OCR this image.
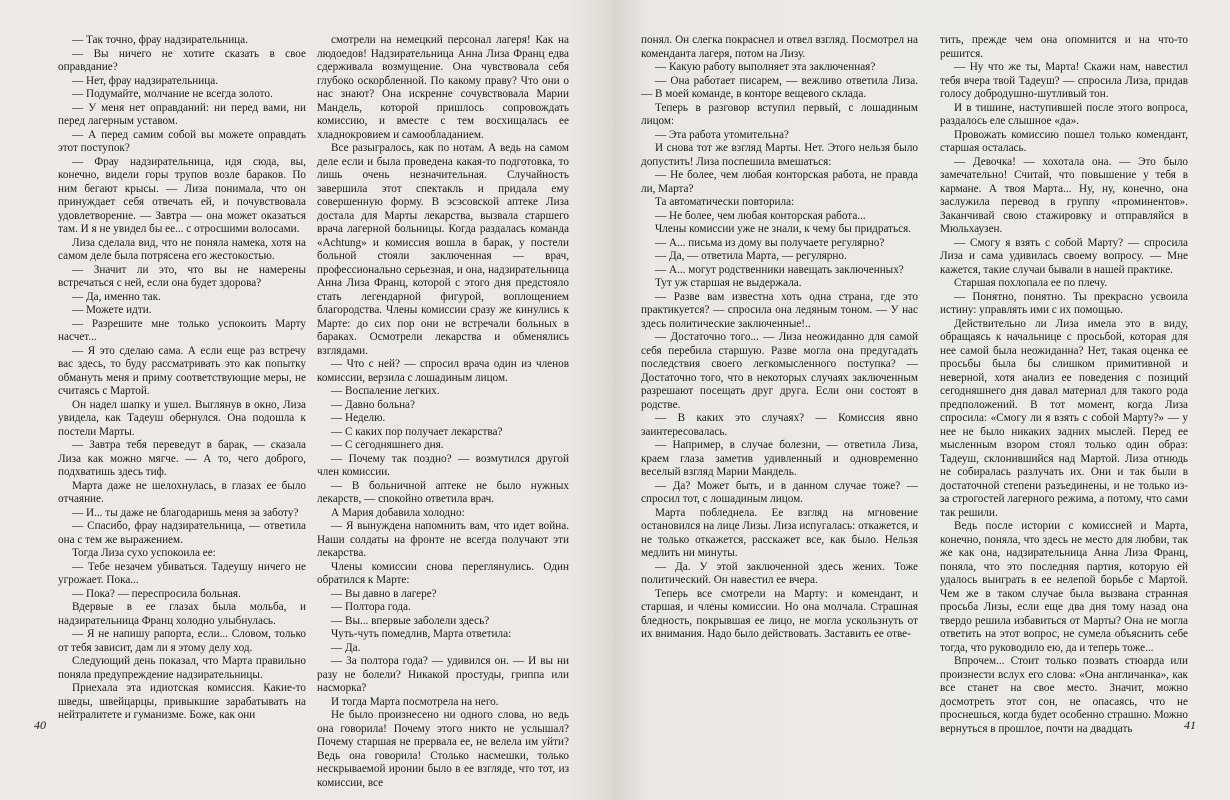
— Так точно, фрау надзирательница.

— Вы ничего не хотите сказать в свое оправдание?

— Нет, фрау надзирательница.

— Подумайте, молчание не всегда золото.

— У меня нет оправданий: ни перед вами, ни перед лагерным уставом.

— А перед самим собой вы можете оправдать этот поступок?

— Фрау надзирательница, идя сюда, вы, конечно, видели горы трупов возле бараков. По ним бегают крысы. — Лиза понимала, что он принуждает себя отвечать ей, и почувствовала удовлетворение. — Завтра — она может оказаться там. И я не увидел бы ее... с отросшими волосами.

Лиза сделала вид, что не поняла намека, хотя на самом деле была потрясена его жестокостью.

— Значит ли это, что вы не намерены встречаться с ней, если она будет здорова?

— Да, именно так.

— Можете идти.

— Разрешите мне только успокоить Марту насчет...

— Я это сделаю сама. А если еще раз встречу вас здесь, то буду рассматривать это как попытку обмануть меня и приму соответствующие меры, не считаясь с Мартой.

Он надел шапку и ушел. Выглянув в окно, Лиза увидела, как Тадеуш обернулся. Она подошла к постели Марты.

— Завтра тебя переведут в барак, — сказала Лиза как можно мягче. — А то, чего доброго, подхватишь здесь тиф.

Марта даже не шелохнулась, в глазах ее было отчаяние.

— И... ты даже не благодаришь меня за заботу?

— Спасибо, фрау надзирательница, — ответила она с тем же выражением.

Тогда Лиза сухо успокоила ее:

— Тебе незачем убиваться. Тадеушу ничего не угрожает. Пока...

— Пока? — переспросила больная.

Вдервые в ее глазах была мольба, и надзирательница Франц холодно улыбнулась.

— Я не напишу рапорта, если... Словом, только от тебя зависит, дам ли я этому делу ход.

Следующий день показал, что Марта правильно поняла предупреждение надзирательницы.

Приехала эта идиотская комиссия. Какие-то шведы, швейцарцы, привыкшие зарабатывать на нейтралитете и гуманизме. Боже, как они

смотрели на немецкий персонал лагеря! Как на людоедов! Надзирательница Анна Лиза Франц едва сдерживала возмущение. Она чувствовала себя глубоко оскорбленной. По какому праву? Что они о нас знают? Она искренне сочувствовала Марии Мандель, которой пришлось сопровождать комиссию, и вместе с тем восхищалась ее хладнокровием и самообладанием.

Все разыгралось, как по нотам. А ведь на самом деле если и была проведена какая-то подготовка, то лишь очень незначительная. Случайность завершила этот спектакль и придала ему совершенную форму. В эсэсовской аптеке Лиза достала для Марты лекарства, вызвала старшего врача лагерной больницы. Когда раздалась команда «Achtung» и комиссия вошла в барак, у постели больной стояли заключенная — врач, профессионально серьезная, и она, надзирательница Анна Лиза Франц, которой с этого дня предстояло стать легендарной фигурой, воплощением благородства. Члены комиссии сразу же кинулись к Марте: до сих пор они не встречали больных в бараках. Осмотрели лекарства и обменялись взглядами.

— Что с ней? — спросил врача один из членов комиссии, верзила с лошадиным лицом.

— Воспаление легких.

— Давно больна?

— Неделю.

— С каких пор получает лекарства?

— С сегодняшнего дня.

— Почему так поздно? — возмутился другой член комиссии.

— В больничной аптеке не было нужных лекарств, — спокойно ответила врач.

А Мария добавила холодно:

— Я вынуждена напомнить вам, что идет война. Наши солдаты на фронте не всегда получают эти лекарства.

Члены комиссии снова переглянулись. Один обратился к Марте:

— Вы давно в лагере?

— Полтора года.

— Вы... впервые заболели здесь?

Чуть-чуть помедлив, Марта ответила:

— Да.

— За полтора года? — удивился он. — И вы ни разу не болели? Никакой простуды, гриппа или насморка?

И тогда Марта посмотрела на него.

Не было произнесено ни одного слова, но ведь она говорила! Почему этого никто не услышал? Почему старшая не прервала ее, не велела им уйти? Ведь она говорила! Столько насмешки, только нескрываемой иронии было в ее взгляде, что тот, из комиссии, все

40

понял. Он слегка покраснел и отвел взгляд. Посмотрел на коменданта лагеря, потом на Лизу.

— Какую работу выполняет эта заключенная?

— Она работает писарем, — вежливо ответила Лиза. — В моей команде, в конторе вещевого склада.

Теперь в разговор вступил первый, с лошадиным лицом:

— Эта работа утомительна?

И снова тот же взгляд Марты. Нет. Этого нельзя было допустить! Лиза поспешила вмешаться:

— Не более, чем любая конторская работа, не правда ли, Марта?

Та автоматически повторила:

— Не более, чем любая конторская работа...

Члены комиссии уже не знали, к чему бы придраться.

— А... письма из дому вы получаете регулярно?

— Да, — ответила Марта, — регулярно.

— А... могут родственники навещать заключенных?

Тут уж старшая не выдержала.

— Разве вам известна хоть одна страна, где это практикуется? — спросила она ледяным тоном. — У нас здесь политические заключенные!..

— Достаточно того... — Лиза неожиданно для самой себя перебила старшую. Разве могла она предугадать последствия своего легкомысленного поступка? — Достаточно того, что в некоторых случаях заключенным разрешают посещать друг друга. Если они состоят в родстве.

— В каких это случаях? — Комиссия явно заинтересовалась.

— Например, в случае болезни, — ответила Лиза, краем глаза заметив удивленный и одновременно веселый взгляд Марии Мандель.

— Да? Может быть, и в данном случае тоже? — спросил тот, с лошадиным лицом.

Марта побледнела. Ее взгляд на мгновение остановился на лице Лизы. Лиза испугалась: откажется, и не только откажется, расскажет все, как было. Нельзя медлить ни минуты.

— Да. У этой заключенной здесь жених. Тоже политический. Он навестил ее вчера.

Теперь все смотрели на Марту: и комендант, и старшая, и члены комиссии. Но она молчала. Страшная бледность, покрывшая ее лицо, не могла ускользнуть от их внимания. Надо было действовать. Заставить ее отве-

тить, прежде чем она опомнится и на что-то решится.

— Ну что же ты, Марта! Скажи нам, навестил тебя вчера твой Тадеуш? — спросила Лиза, придав голосу добродушно-шутливый тон.

И в тишине, наступившей после этого вопроса, раздалось еле слышное «да».

Провожать комиссию пошел только комендант, старшая осталась.

— Девочка! — хохотала она. — Это было замечательно! Считай, что повышение у тебя в кармане. А твоя Марта... Ну, ну, конечно, она заслужила перевод в группу «проминентов». Заканчивай свою стажировку и отправляйся в Мюльхаузен.

— Смогу я взять с собой Марту? — спросила Лиза и сама удивилась своему вопросу. — Мне кажется, такие случаи бывали в нашей практике.

Старшая похлопала ее по плечу.

— Понятно, понятно. Ты прекрасно усвоила истину: управлять ими с их помощью.

Действительно ли Лиза имела это в виду, обращаясь к начальнице с просьбой, которая для нее самой была неожиданна? Нет, такая оценка ее просьбы была бы слишком примитивной и неверной, хотя анализ ее поведения с позиций сегодняшнего дня давал материал для такого рода предположений. В тот момент, когда Лиза спросила: «Смогу ли я взять с собой Марту?» — у нее не было никаких задних мыслей. Перед ее мысленным взором стоял только один образ: Тадеуш, склонившийся над Мартой. Лиза отнюдь не собиралась разлучать их. Они и так были в достаточной степени разъединены, и не только из-за строгостей лагерного режима, а потому, что сами так решили.

Ведь после истории с комиссией и Марта, конечно, поняла, что здесь не место для любви, так же как она, надзирательница Анна Лиза Франц, поняла, что это последняя партия, которую ей удалось выиграть в ее нелепой борьбе с Мартой. Чем же в таком случае была вызвана странная просьба Лизы, если еще два дня тому назад она твердо решила избавиться от Марты? Она не могла ответить на этот вопрос, не сумела объяснить себе тогда, что руководило ею, да и теперь тоже...

Впрочем... Стоит только позвать стюарда или произнести вслух его слова: «Она англичанка», как все станет на свое место. Значит, можно досмотреть этот сон, не опасаясь, что не проснешься, когда будет особенно страшно. Можно вернуться в прошлое, почти на двадцать	41
